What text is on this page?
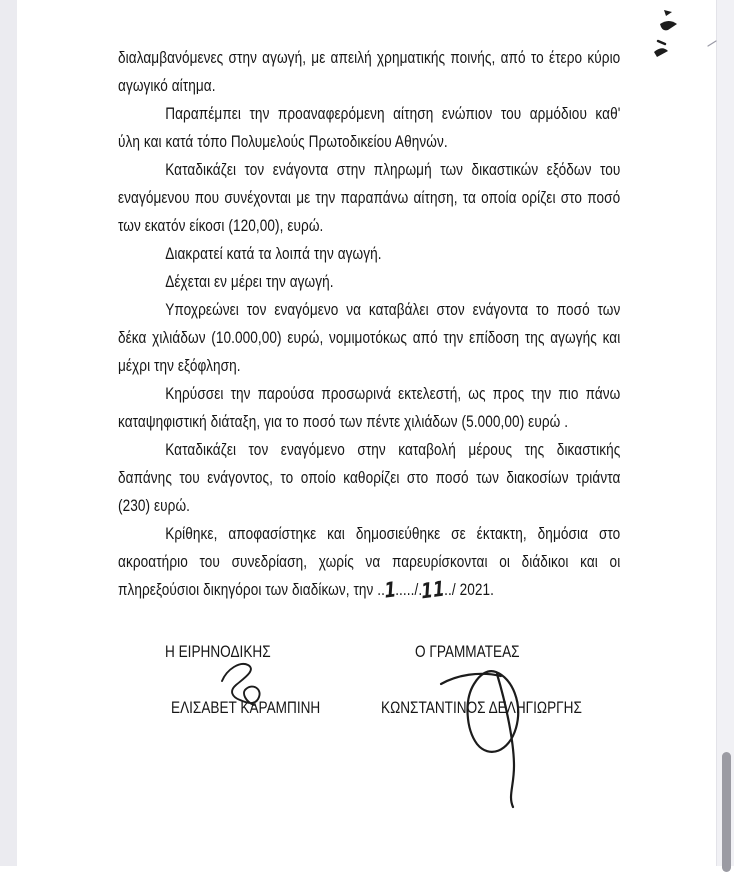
διαλαμβανόμενες στην αγωγή, με απειλή χρηματικής ποινής, από το έτερο κύριο
αγωγικό αίτημα.
Παραπέμπει την προαναφερόμενη αίτηση ενώπιον του αρμόδιου καθ'
ύλη και κατά τόπο Πολυμελούς Πρωτοδικείου Αθηνών.
Καταδικάζει τον ενάγοντα στην πληρωμή των δικαστικών εξόδων του
εναγόμενου που συνέχονται με την παραπάνω αίτηση, τα οποία ορίζει στο ποσό
των εκατόν είκοσι (120,00), ευρώ.
Διακρατεί κατά τα λοιπά την αγωγή.
Δέχεται εν μέρει την αγωγή.
Υποχρεώνει τον εναγόμενο να καταβάλει στον ενάγοντα το ποσό των
δέκα χιλιάδων (10.000,00) ευρώ, νομιμοτόκως από την επίδοση της αγωγής και
μέχρι την εξόφληση.
Κηρύσσει την παρούσα προσωρινά εκτελεστή, ως προς την πιο πάνω
καταψηφιστική διάταξη, για το ποσό των πέντε χιλιάδων (5.000,00) ευρώ .
Καταδικάζει τον εναγόμενο στην καταβολή μέρους της δικαστικής
δαπάνης του ενάγοντος, το οποίο καθορίζει στο ποσό των διακοσίων τριάντα
(230) ευρώ.
Κρίθηκε, αποφασίστηκε και δημοσιεύθηκε σε έκτακτη, δημόσια στο
ακροατήριο του συνεδρίαση, χωρίς να παρευρίσκονται οι διάδικοι και οι
πληρεξούσιοι δικηγόροι των διαδίκων, την ..1...../.11../ 2021.
Η ΕΙΡΗΝΟΔΙΚΗΣ	Ο ΓΡΑΜΜΑΤΕΑΣ
ΕΛΙΣΑΒΕΤ ΚΑΡΑΜΠΙΝΗ	ΚΩΝΣΤΑΝΤΙΝΟΣ ΔΕΛΗΓΙΩΡΓΗΣ
